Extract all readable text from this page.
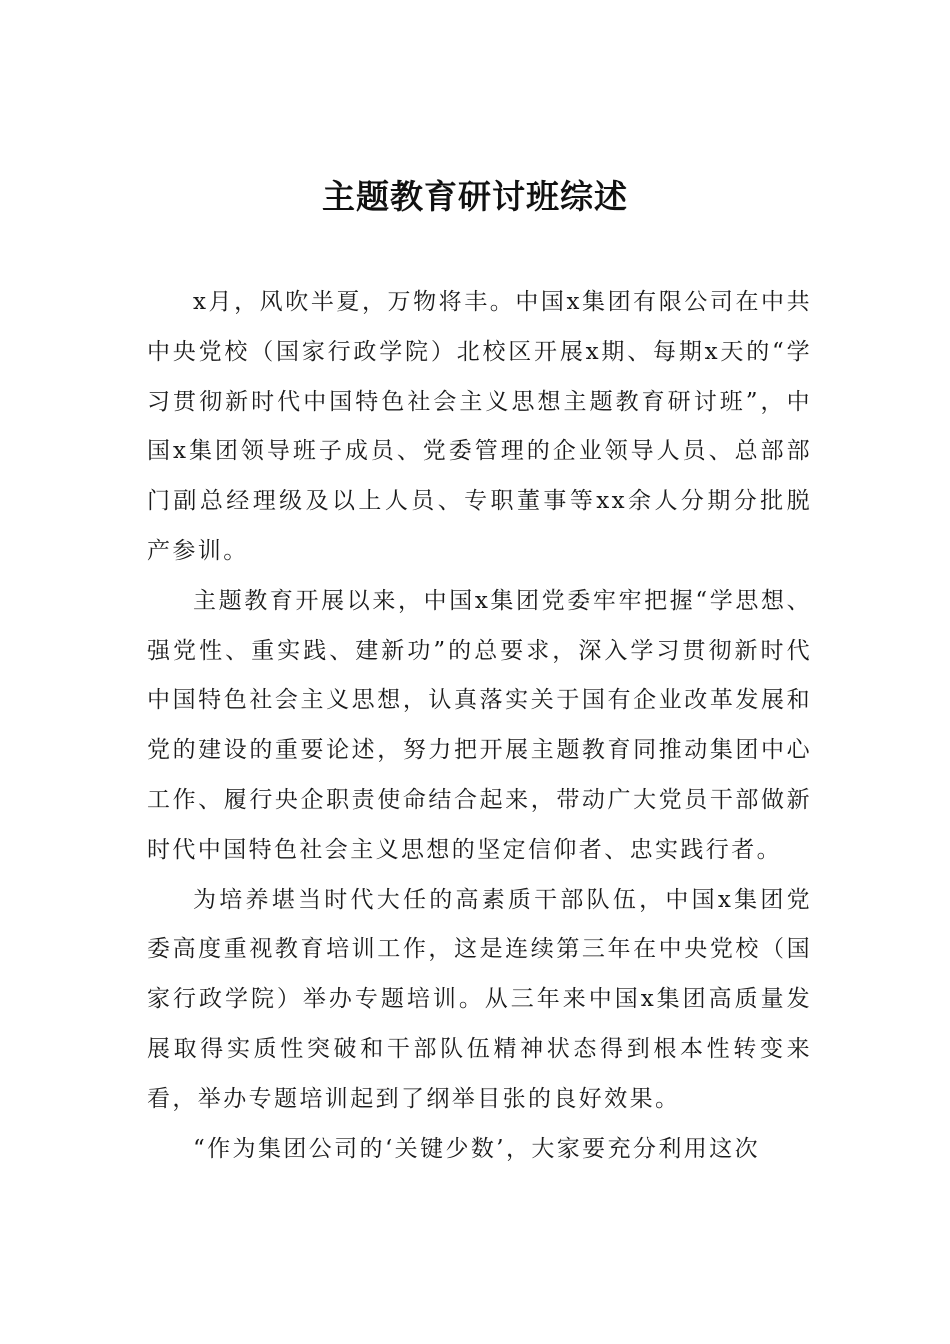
主题教育研讨班综述

x月，风吹半夏，万物将丰。中国x集团有限公司在中共中央党校（国家行政学院）北校区开展x期、每期x天的“学习贯彻新时代中国特色社会主义思想主题教育研讨班”，中国x集团领导班子成员、党委管理的企业领导人员、总部部门副总经理级及以上人员、专职董事等xx余人分期分批脱产参训。

主题教育开展以来，中国x集团党委牢牢把握“学思想、强党性、重实践、建新功”的总要求，深入学习贯彻新时代中国特色社会主义思想，认真落实关于国有企业改革发展和党的建设的重要论述，努力把开展主题教育同推动集团中心工作、履行央企职责使命结合起来，带动广大党员干部做新时代中国特色社会主义思想的坚定信仰者、忠实践行者。

为培养堪当时代大任的高素质干部队伍，中国x集团党委高度重视教育培训工作，这是连续第三年在中央党校（国家行政学院）举办专题培训。从三年来中国x集团高质量发展取得实质性突破和干部队伍精神状态得到根本性转变来看，举办专题培训起到了纲举目张的良好效果。

“作为集团公司的‘关键少数’，大家要充分利用这次
